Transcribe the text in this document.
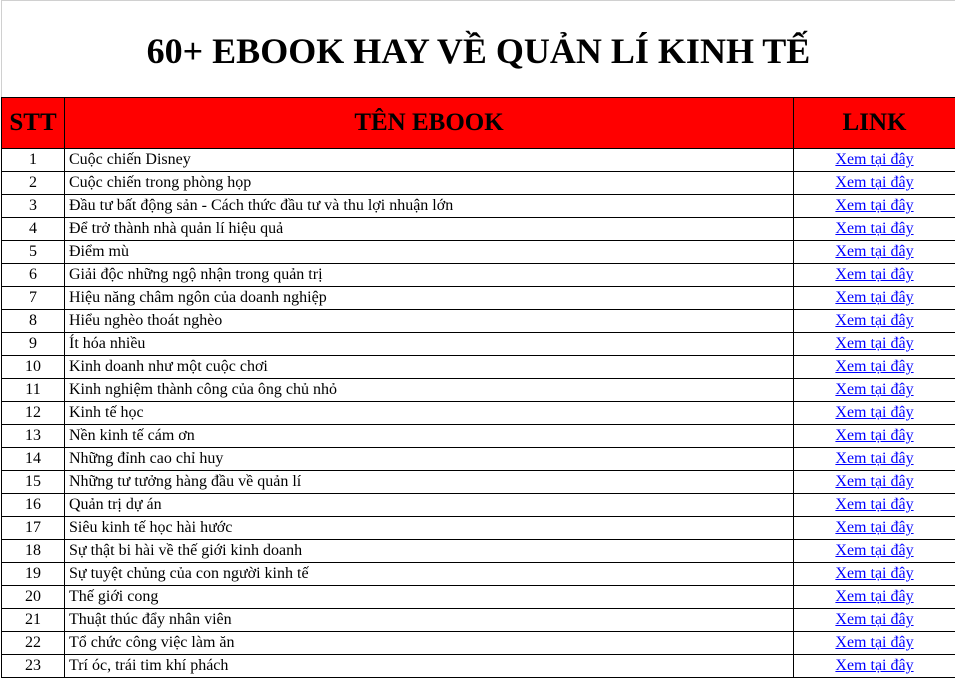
60+ EBOOK HAY VỀ QUẢN LÍ KINH TẾ
STT	TÊN EBOOK	LINK
1	Cuộc chiến Disney	Xem tại đây
2	Cuộc chiến trong phòng họp	Xem tại đây
3	Đầu tư bất động sản - Cách thức đầu tư và thu lợi nhuận lớn	Xem tại đây
4	Để trở thành nhà quản lí hiệu quả	Xem tại đây
5	Điểm mù	Xem tại đây
6	Giải độc những ngộ nhận trong quản trị	Xem tại đây
7	Hiệu năng châm ngôn của doanh nghiệp	Xem tại đây
8	Hiểu nghèo thoát nghèo	Xem tại đây
9	Ít hóa nhiều	Xem tại đây
10	Kinh doanh như một cuộc chơi	Xem tại đây
11	Kinh nghiệm thành công của ông chủ nhỏ	Xem tại đây
12	Kinh tế học	Xem tại đây
13	Nền kinh tế cám ơn	Xem tại đây
14	Những đỉnh cao chỉ huy	Xem tại đây
15	Những tư tưởng hàng đầu về quản lí	Xem tại đây
16	Quản trị dự án	Xem tại đây
17	Siêu kinh tế học hài hước	Xem tại đây
18	Sự thật bi hài về thế giới kinh doanh	Xem tại đây
19	Sự tuyệt chủng của con người kinh tế	Xem tại đây
20	Thế giới cong	Xem tại đây
21	Thuật thúc đẩy nhân viên	Xem tại đây
22	Tổ chức công việc làm ăn	Xem tại đây
23	Trí óc, trái tim khí phách	Xem tại đây
